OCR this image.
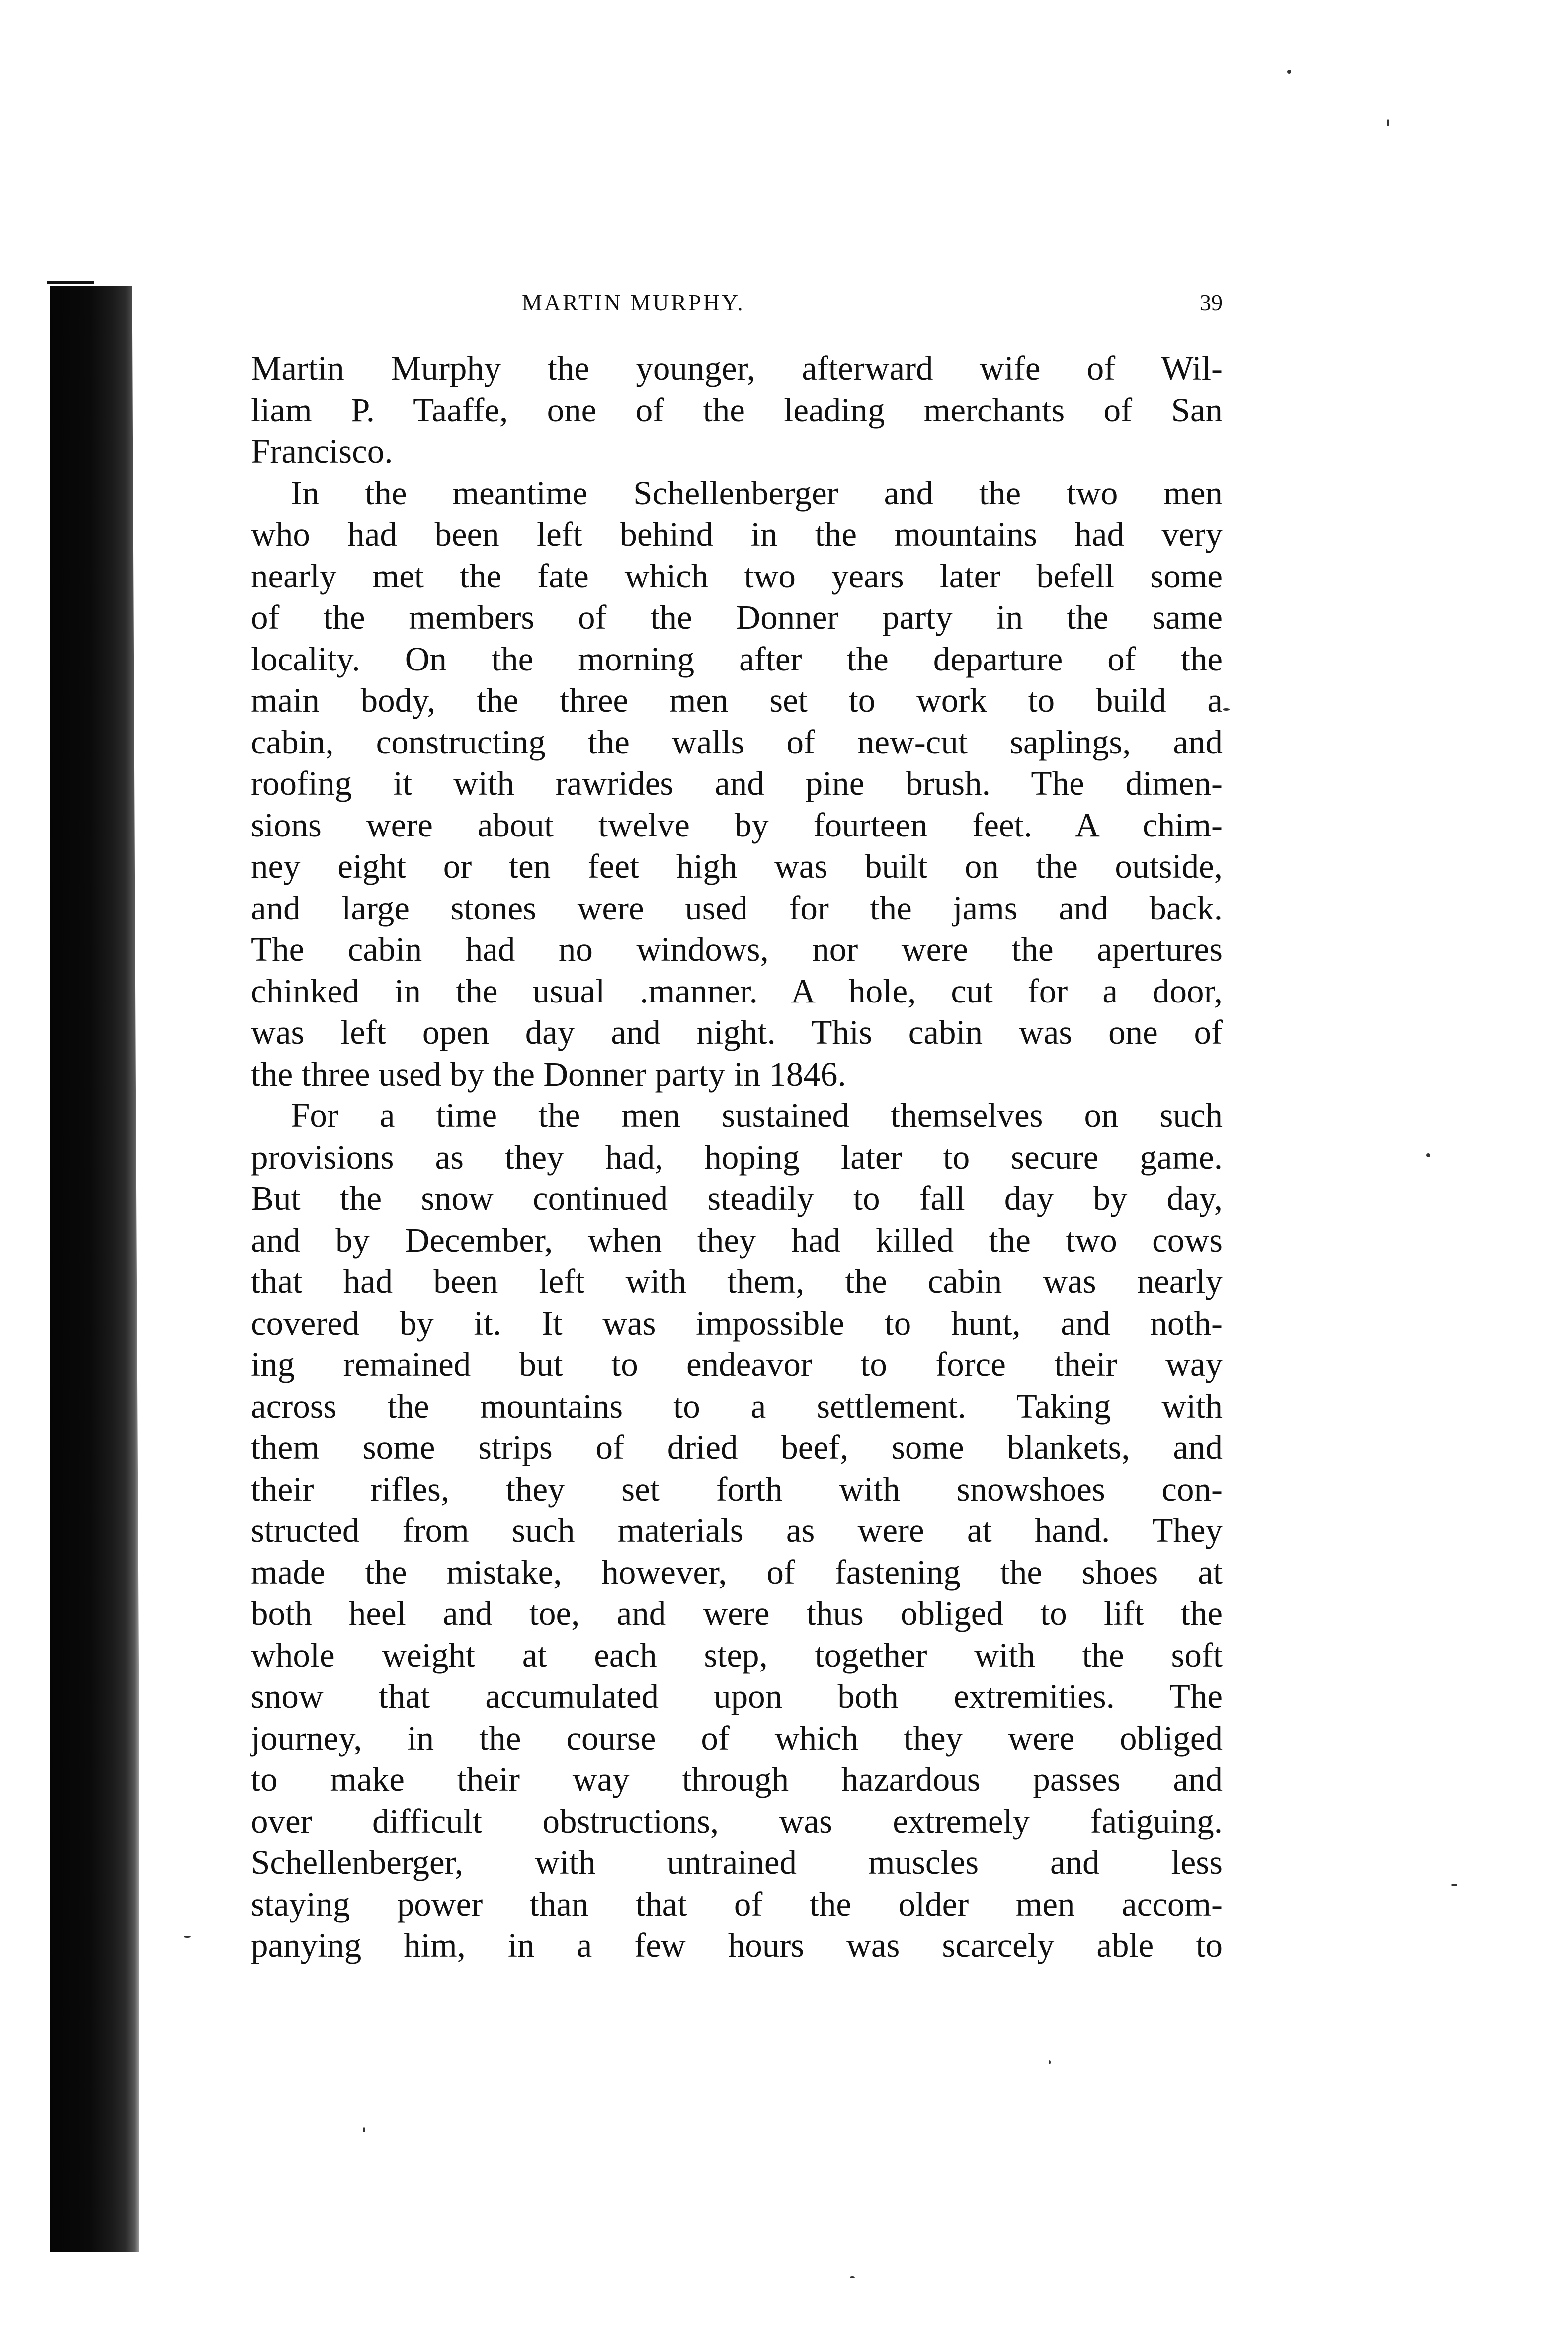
MARTIN MURPHY.	39
Martin Murphy the younger, afterward wife of Wil-
liam P. Taaffe, one of the leading merchants of San
Francisco.
In the meantime Schellenberger and the two men
who had been left behind in the mountains had very
nearly met the fate which two years later befell some
of the members of the Donner party in the same
locality. On the morning after the departure of the
main body, the three men set to work to build a
cabin, constructing the walls of new-cut saplings, and
roofing it with rawrides and pine brush. The dimen-
sions were about twelve by fourteen feet. A chim-
ney eight or ten feet high was built on the outside,
and large stones were used for the jams and back.
The cabin had no windows, nor were the apertures
chinked in the usual .manner. A hole, cut for a door,
was left open day and night. This cabin was one of
the three used by the Donner party in 1846.
For a time the men sustained themselves on such
provisions as they had, hoping later to secure game.
But the snow continued steadily to fall day by day,
and by December, when they had killed the two cows
that had been left with them, the cabin was nearly
covered by it. It was impossible to hunt, and noth-
ing remained but to endeavor to force their way
across the mountains to a settlement. Taking with
them some strips of dried beef, some blankets, and
their rifles, they set forth with snowshoes con-
structed from such materials as were at hand. They
made the mistake, however, of fastening the shoes at
both heel and toe, and were thus obliged to lift the
whole weight at each step, together with the soft
snow that accumulated upon both extremities. The
journey, in the course of which they were obliged
to make their way through hazardous passes and
over difficult obstructions, was extremely fatiguing.
Schellenberger, with untrained muscles and less
staying power than that of the older men accom-
panying him, in a few hours was scarcely able to
